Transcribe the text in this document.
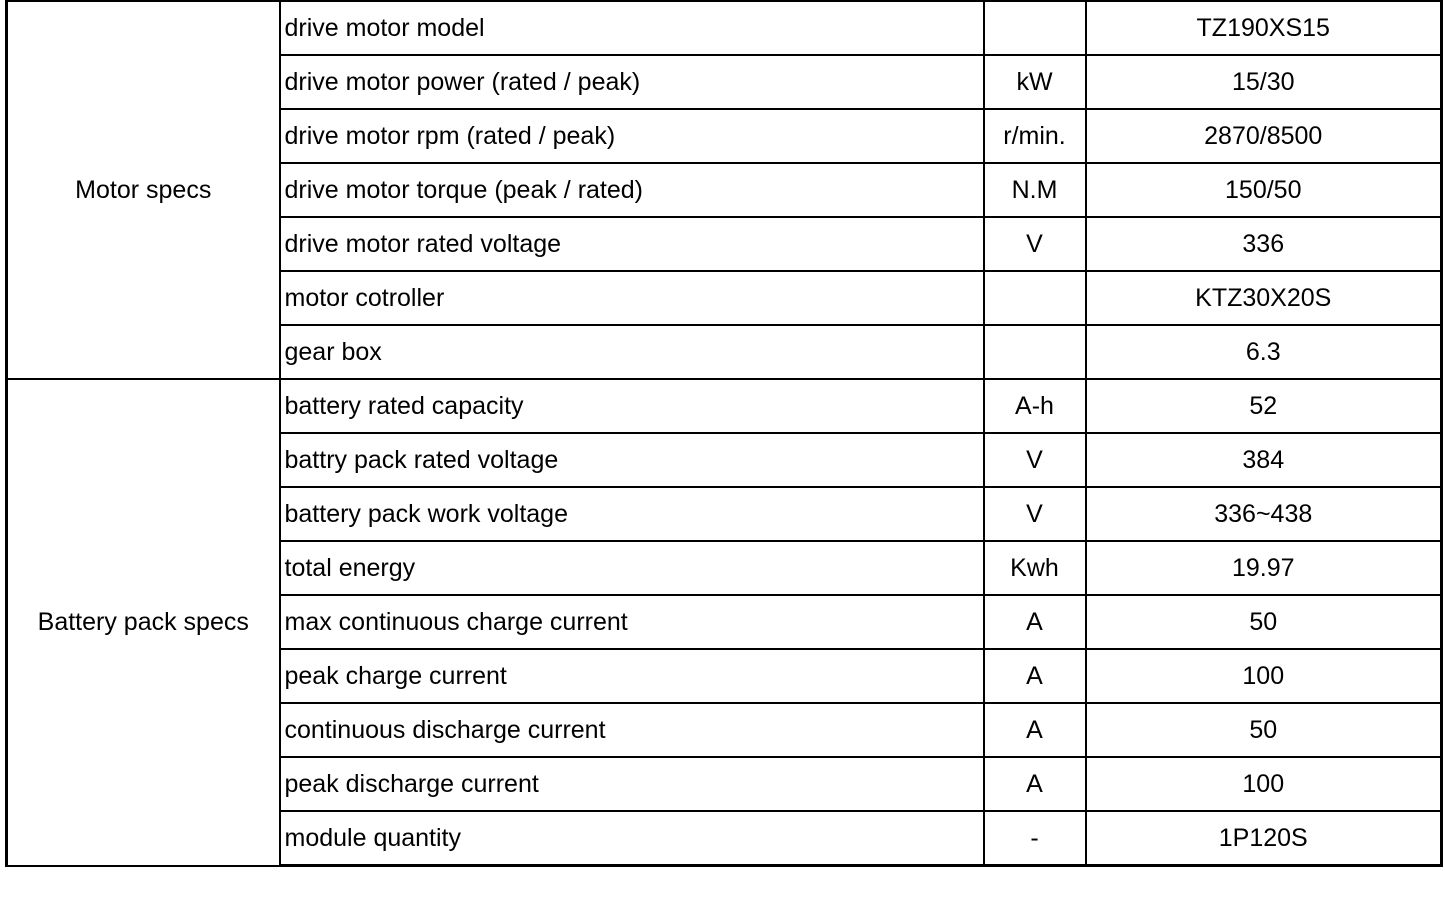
Motor specs	drive motor model		TZ190XS15
	drive motor power (rated / peak)	kW	15/30
	drive motor rpm (rated / peak)	r/min.	2870/8500
	drive motor torque (peak / rated)	N.M	150/50
	drive motor rated voltage	V	336
	motor cotroller		KTZ30X20S
	gear box		6.3
Battery pack specs	battery rated capacity	A-h	52
	battry pack rated voltage	V	384
	battery pack work voltage	V	336~438
	total energy	Kwh	19.97
	max continuous charge current	A	50
	peak charge current	A	100
	continuous discharge current	A	50
	peak discharge current	A	100
	module quantity	-	1P120S
